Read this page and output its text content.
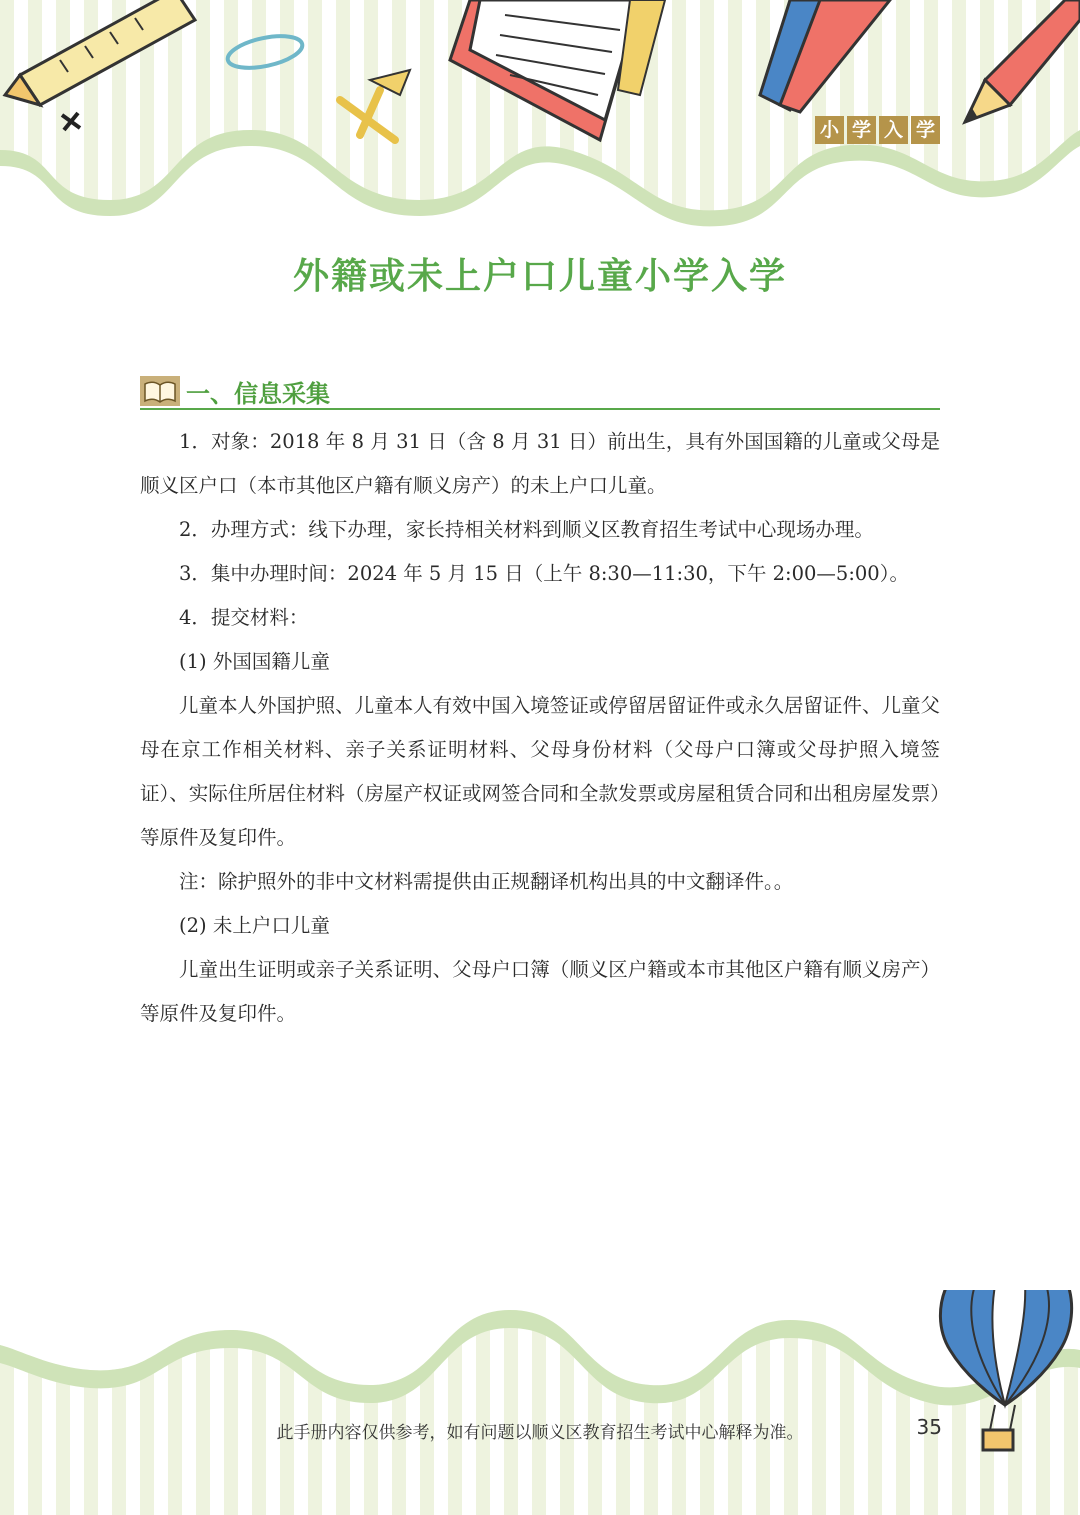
小 学 入 学
外籍或未上户口儿童小学入学
一、信息采集

1．对象：2018 年 8 月 31 日（含 8 月 31 日）前出生，具有外国国籍的儿童或父母是顺义区户口（本市其他区户籍有顺义房产）的未上户口儿童。

2．办理方式：线下办理，家长持相关材料到顺义区教育招生考试中心现场办理。

3．集中办理时间：2024 年 5 月 15 日（上午 8:30—11:30，下午 2:00—5:00）。

4．提交材料：

(1) 外国国籍儿童

儿童本人外国护照、儿童本人有效中国入境签证或停留居留证件或永久居留证件、儿童父母在京工作相关材料、亲子关系证明材料、父母身份材料（父母户口簿或父母护照入境签证）、实际住所居住材料（房屋产权证或网签合同和全款发票或房屋租赁合同和出租房屋发票）等原件及复印件。

注：除护照外的非中文材料需提供由正规翻译机构出具的中文翻译件。。

(2) 未上户口儿童

儿童出生证明或亲子关系证明、父母户口簿（顺义区户籍或本市其他区户籍有顺义房产）等原件及复印件。

此手册内容仅供参考，如有问题以顺义区教育招生考试中心解释为准。	35
